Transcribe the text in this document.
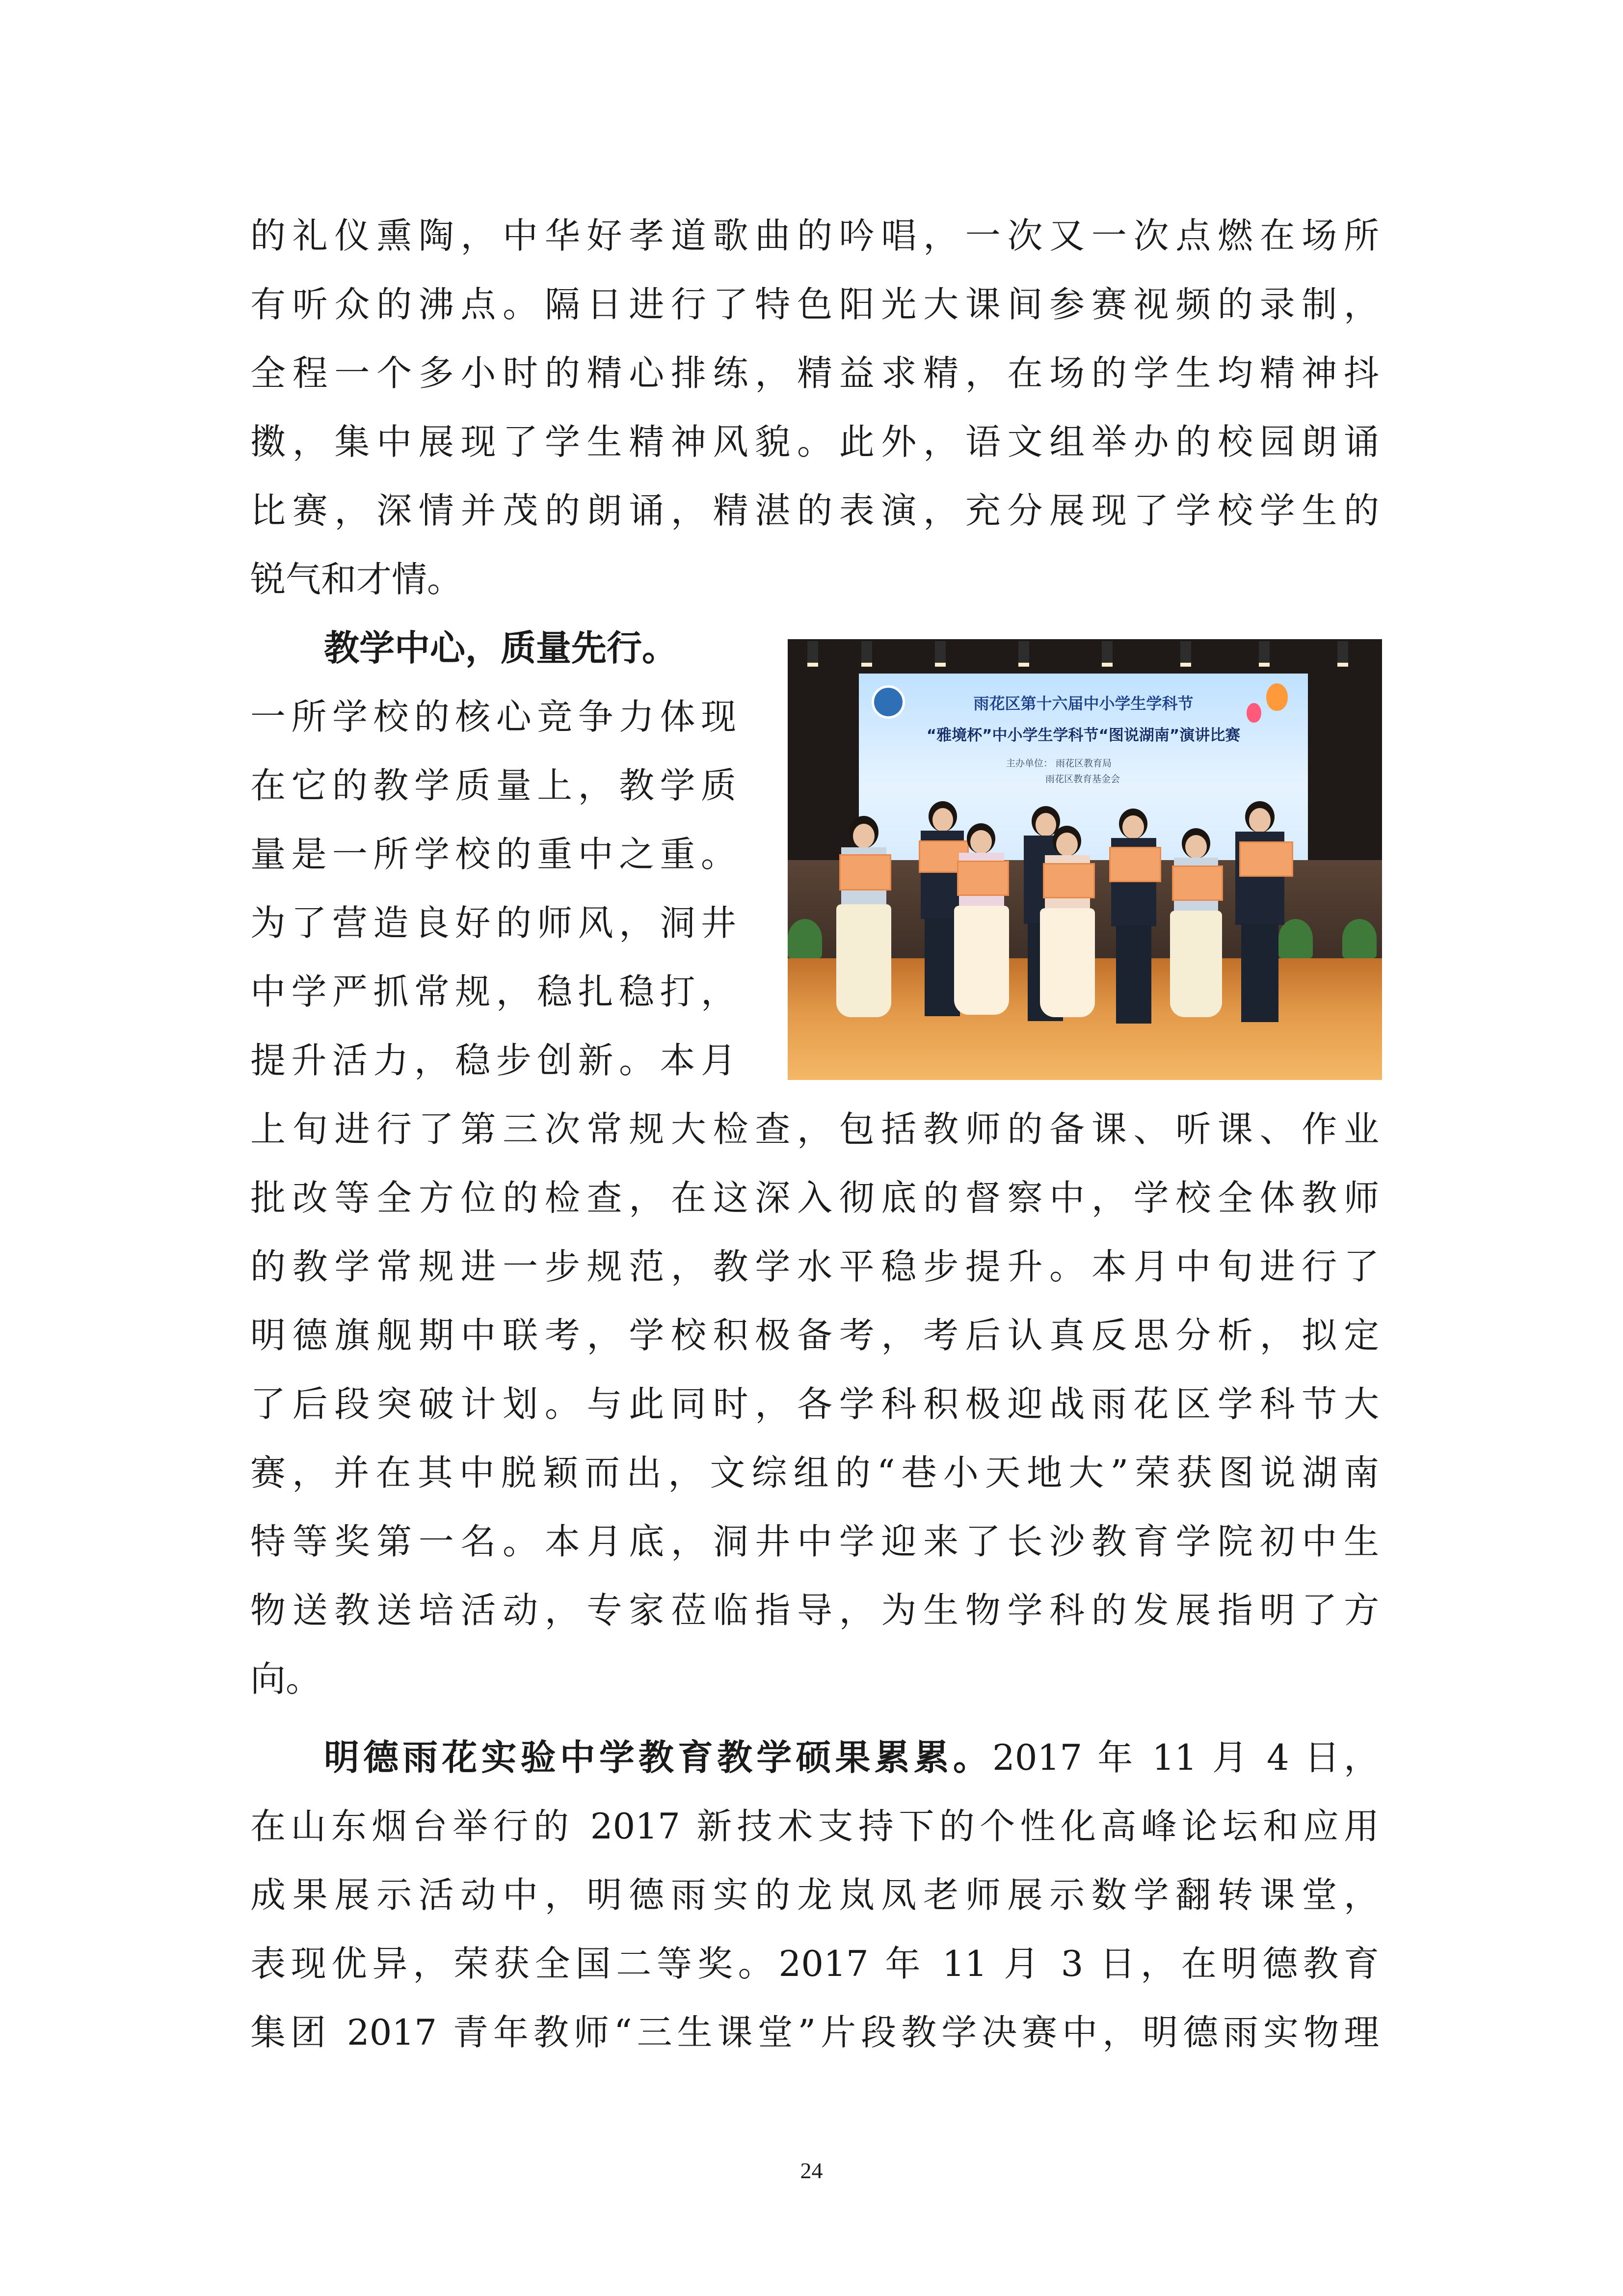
的礼仪熏陶，中华好孝道歌曲的吟唱，一次又一次点燃在场所

有听众的沸点。隔日进行了特色阳光大课间参赛视频的录制，

全程一个多小时的精心排练，精益求精，在场的学生均精神抖

擞，集中展现了学生精神风貌。此外，语文组举办的校园朗诵

比赛，深情并茂的朗诵，精湛的表演，充分展现了学校学生的

锐气和才情。

教学中心，质量先行。

一所学校的核心竞争力体现

在它的教学质量上，教学质

量是一所学校的重中之重。

为了营造良好的师风，洞井

中学严抓常规，稳扎稳打，

提升活力，稳步创新。本月

上旬进行了第三次常规大检查，包括教师的备课、听课、作业

批改等全方位的检查，在这深入彻底的督察中，学校全体教师

的教学常规进一步规范，教学水平稳步提升。本月中旬进行了

明德旗舰期中联考，学校积极备考，考后认真反思分析，拟定

了后段突破计划。与此同时，各学科积极迎战雨花区学科节大

赛，并在其中脱颖而出，文综组的“巷小天地大”荣获图说湖南

特等奖第一名。本月底，洞井中学迎来了长沙教育学院初中生

物送教送培活动，专家莅临指导，为生物学科的发展指明了方

向。

明德雨花实验中学教育教学硕果累累。2017 年 11 月 4 日，

在山东烟台举行的 2017 新技术支持下的个性化高峰论坛和应用

成果展示活动中，明德雨实的龙岚凤老师展示数学翻转课堂，

表现优异，荣获全国二等奖。2017 年 11 月 3 日，在明德教育

集团 2017 青年教师“三生课堂”片段教学决赛中，明德雨实物理

雨花区第十六届中小学生学科节

“雅境杯”中小学生学科节“图说湖南”演讲比赛

主办单位： 雨花区教育局

雨花区教育基金会

24
